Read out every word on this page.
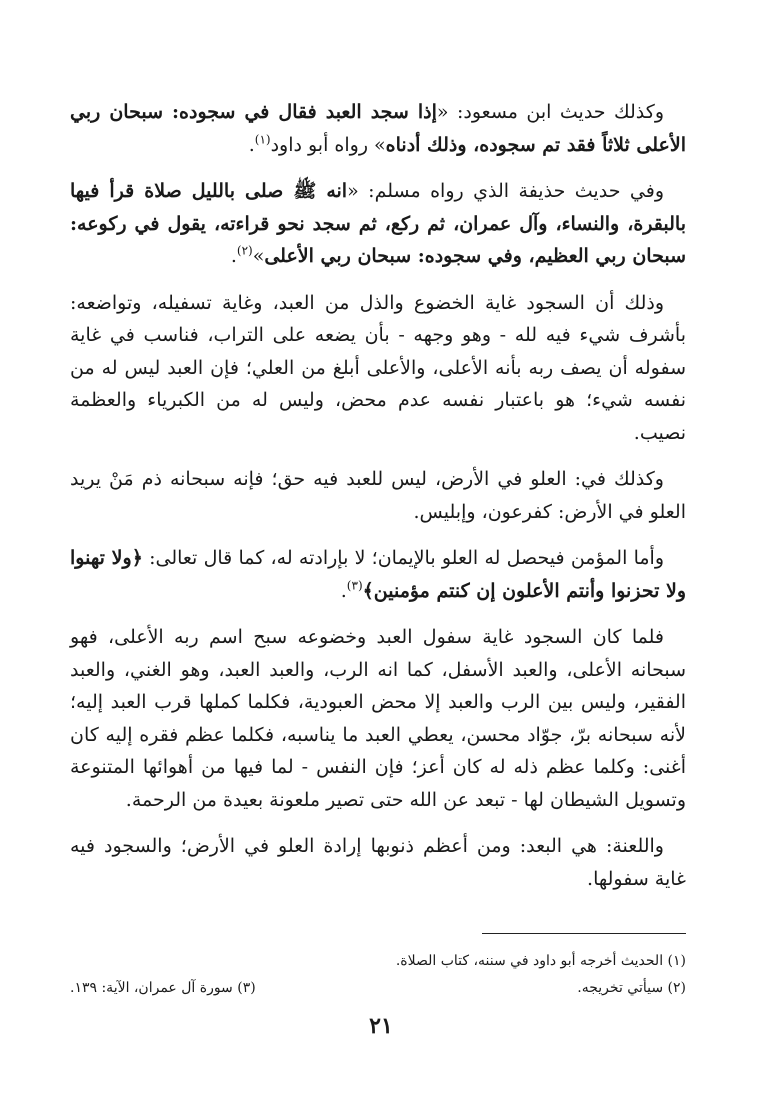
وكذلك حديث ابن مسعود: «إذا سجد العبد فقال في سجوده: سبحان ربي الأعلى ثلاثاً فقد تم سجوده، وذلك أدناه» رواه أبو داود$^{(١)}$.

وفي حديث حذيفة الذي رواه مسلم: «انه ﷺ صلى بالليل صلاة قرأ فيها بالبقرة، والنساء، وآل عمران، ثم ركع، ثم سجد نحو قراءته، يقول في ركوعه: سبحان ربي العظيم، وفي سجوده: سبحان ربي الأعلى»$^{(٢)}$.

وذلك أن السجود غاية الخضوع والذل من العبد، وغاية تسفيله، وتواضعه: بأشرف شيء فيه لله - وهو وجهه - بأن يضعه على التراب، فناسب في غاية سفوله أن يصف ربه بأنه الأعلى، والأعلى أبلغ من العلي؛ فإن العبد ليس له من نفسه شيء؛ هو باعتبار نفسه عدم محض، وليس له من الكبرياء والعظمة نصيب.

وكذلك في: العلو في الأرض، ليس للعبد فيه حق؛ فإنه سبحانه ذم مَنْ يريد العلو في الأرض: كفرعون، وإبليس.

وأما المؤمن فيحصل له العلو بالإيمان؛ لا بإرادته له، كما قال تعالى: ﴿ولا تهنوا ولا تحزنوا وأنتم الأعلون إن كنتم مؤمنين﴾$^{(٣)}$.

فلما كان السجود غاية سفول العبد وخضوعه سبح اسم ربه الأعلى، فهو سبحانه الأعلى، والعبد الأسفل، كما انه الرب، والعبد العبد، وهو الغني، والعبد الفقير، وليس بين الرب والعبد إلا محض العبودية، فكلما كملها قرب العبد إليه؛ لأنه سبحانه برّ، جوّاد محسن، يعطي العبد ما يناسبه، فكلما عظم فقره إليه كان أغنى: وكلما عظم ذله له كان أعز؛ فإن النفس - لما فيها من أهوائها المتنوعة وتسويل الشيطان لها - تبعد عن الله حتى تصير ملعونة بعيدة من الرحمة.

واللعنة: هي البعد: ومن أعظم ذنوبها إرادة العلو في الأرض؛ والسجود فيه غاية سفولها.

(١) الحديث أخرجه أبو داود في سننه، كتاب الصلاة.
(٢) سيأتي تخريجه.
(٣) سورة آل عمران، الآية: ١٣٩.
٢١
